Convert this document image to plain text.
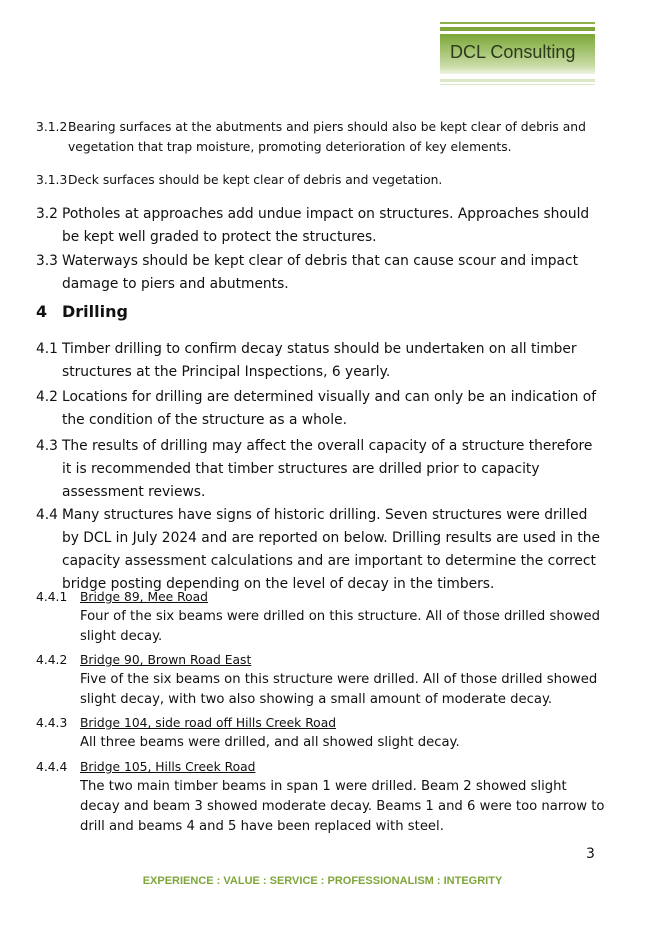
DCL Consulting
3.1.2 Bearing surfaces at the abutments and piers should also be kept clear of debris and vegetation that trap moisture, promoting deterioration of key elements.
3.1.3 Deck surfaces should be kept clear of debris and vegetation.
3.2 Potholes at approaches add undue impact on structures. Approaches should be kept well graded to protect the structures.
3.3 Waterways should be kept clear of debris that can cause scour and impact damage to piers and abutments.
4 Drilling
4.1 Timber drilling to confirm decay status should be undertaken on all timber structures at the Principal Inspections, 6 yearly.
4.2 Locations for drilling are determined visually and can only be an indication of the condition of the structure as a whole.
4.3 The results of drilling may affect the overall capacity of a structure therefore it is recommended that timber structures are drilled prior to capacity assessment reviews.
4.4 Many structures have signs of historic drilling. Seven structures were drilled by DCL in July 2024 and are reported on below. Drilling results are used in the capacity assessment calculations and are important to determine the correct bridge posting depending on the level of decay in the timbers.
4.4.1 Bridge 89, Mee Road
Four of the six beams were drilled on this structure. All of those drilled showed slight decay.
4.4.2 Bridge 90, Brown Road East
Five of the six beams on this structure were drilled. All of those drilled showed slight decay, with two also showing a small amount of moderate decay.
4.4.3 Bridge 104, side road off Hills Creek Road
All three beams were drilled, and all showed slight decay.
4.4.4 Bridge 105, Hills Creek Road
The two main timber beams in span 1 were drilled. Beam 2 showed slight decay and beam 3 showed moderate decay. Beams 1 and 6 were too narrow to drill and beams 4 and 5 have been replaced with steel.
3
EXPERIENCE : VALUE : SERVICE : PROFESSIONALISM : INTEGRITY
